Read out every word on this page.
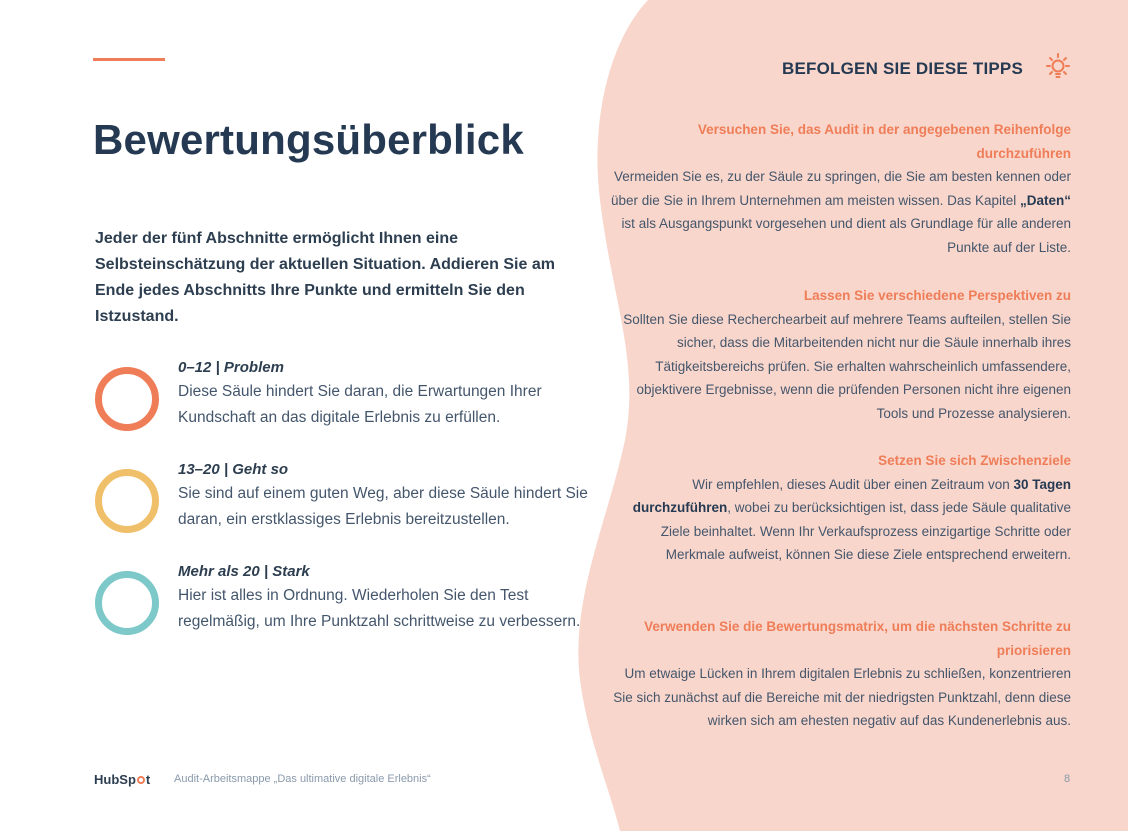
Bewertungsüberblick

Jeder der fünf Abschnitte ermöglicht Ihnen eine Selbsteinschätzung der aktuellen Situation. Addieren Sie am Ende jedes Abschnitts Ihre Punkte und ermitteln Sie den Istzustand.

0–12 | Problem
Diese Säule hindert Sie daran, die Erwartungen Ihrer Kundschaft an das digitale Erlebnis zu erfüllen.
13–20 | Geht so
Sie sind auf einem guten Weg, aber diese Säule hindert Sie daran, ein erstklassiges Erlebnis bereitzustellen.
Mehr als 20 | Stark
Hier ist alles in Ordnung. Wiederholen Sie den Test regelmäßig, um Ihre Punktzahl schrittweise zu verbessern.
BEFOLGEN SIE DIESE TIPPS
Versuchen Sie, das Audit in der angegebenen Reihenfolge durchzuführen
Vermeiden Sie es, zu der Säule zu springen, die Sie am besten kennen oder über die Sie in Ihrem Unternehmen am meisten wissen. Das Kapitel „Daten“ ist als Ausgangspunkt vorgesehen und dient als Grundlage für alle anderen Punkte auf der Liste.
Lassen Sie verschiedene Perspektiven zu
Sollten Sie diese Recherchearbeit auf mehrere Teams aufteilen, stellen Sie sicher, dass die Mitarbeitenden nicht nur die Säule innerhalb ihres Tätigkeitsbereichs prüfen. Sie erhalten wahrscheinlich umfassendere, objektivere Ergebnisse, wenn die prüfenden Personen nicht ihre eigenen Tools und Prozesse analysieren.
Setzen Sie sich Zwischenziele
Wir empfehlen, dieses Audit über einen Zeitraum von 30 Tagen durchzuführen, wobei zu berücksichtigen ist, dass jede Säule qualitative Ziele beinhaltet. Wenn Ihr Verkaufsprozess einzigartige Schritte oder Merkmale aufweist, können Sie diese Ziele entsprechend erweitern.
Verwenden Sie die Bewertungsmatrix, um die nächsten Schritte zu priorisieren
Um etwaige Lücken in Ihrem digitalen Erlebnis zu schließen, konzentrieren Sie sich zunächst auf die Bereiche mit der niedrigsten Punktzahl, denn diese wirken sich am ehesten negativ auf das Kundenerlebnis aus.
HubSp t Audit-Arbeitsmappe „Das ultimative digitale Erlebnis“	8
